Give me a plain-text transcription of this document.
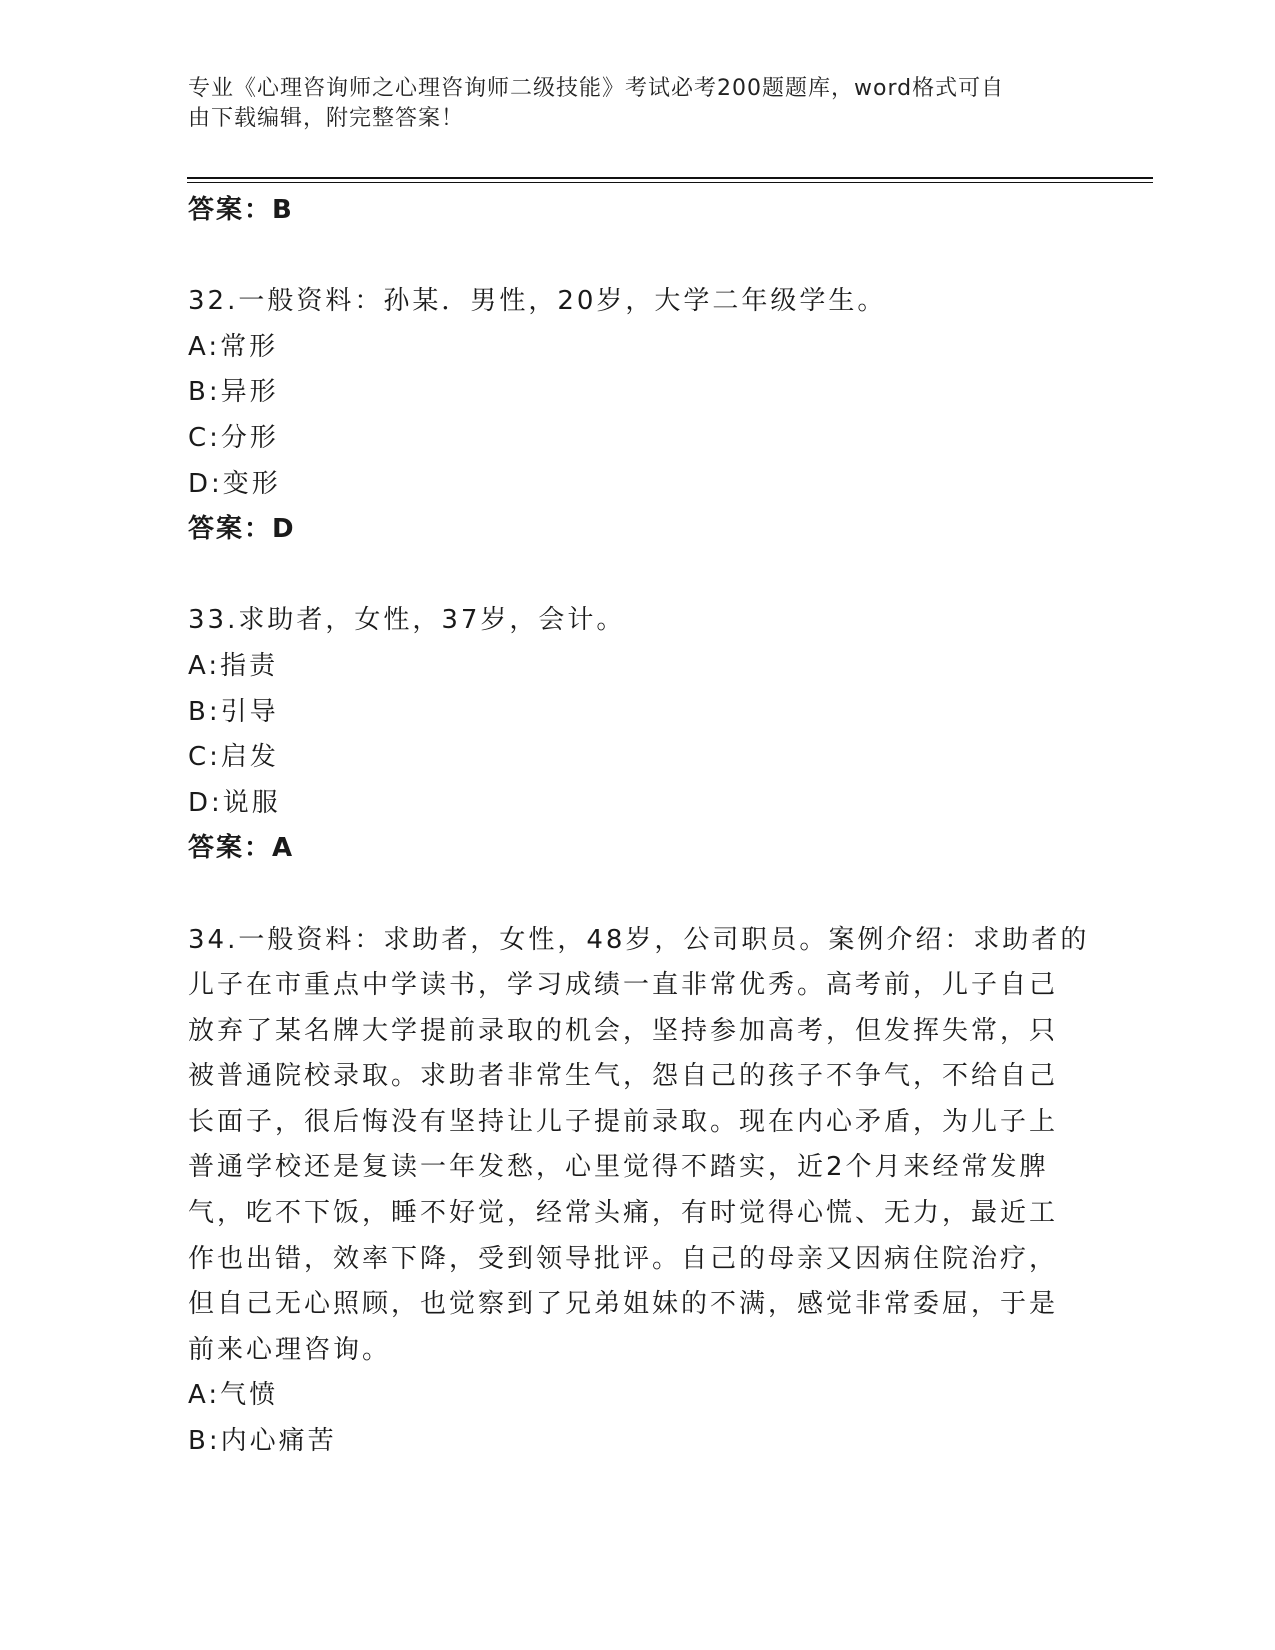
专业《心理咨询师之心理咨询师二级技能》考试必考200题题库，word格式可自
由下载编辑，附完整答案！

答案：B

32.一般资料：孙某．男性，20岁，大学二年级学生。

A:常形

B:异形

C:分形

D:变形

答案：D

33.求助者，女性，37岁，会计。

A:指责

B:引导

C:启发

D:说服

答案：A

34.一般资料：求助者，女性，48岁，公司职员。案例介绍：求助者的

儿子在市重点中学读书，学习成绩一直非常优秀。高考前，儿子自己

放弃了某名牌大学提前录取的机会，坚持参加高考，但发挥失常，只

被普通院校录取。求助者非常生气，怨自己的孩子不争气，不给自己

长面子，很后悔没有坚持让儿子提前录取。现在内心矛盾，为儿子上

普通学校还是复读一年发愁，心里觉得不踏实，近2个月来经常发脾

气，吃不下饭，睡不好觉，经常头痛，有时觉得心慌、无力，最近工

作也出错，效率下降，受到领导批评。自己的母亲又因病住院治疗，

但自己无心照顾，也觉察到了兄弟姐妹的不满，感觉非常委屈，于是

前来心理咨询。

A:气愤

B:内心痛苦
